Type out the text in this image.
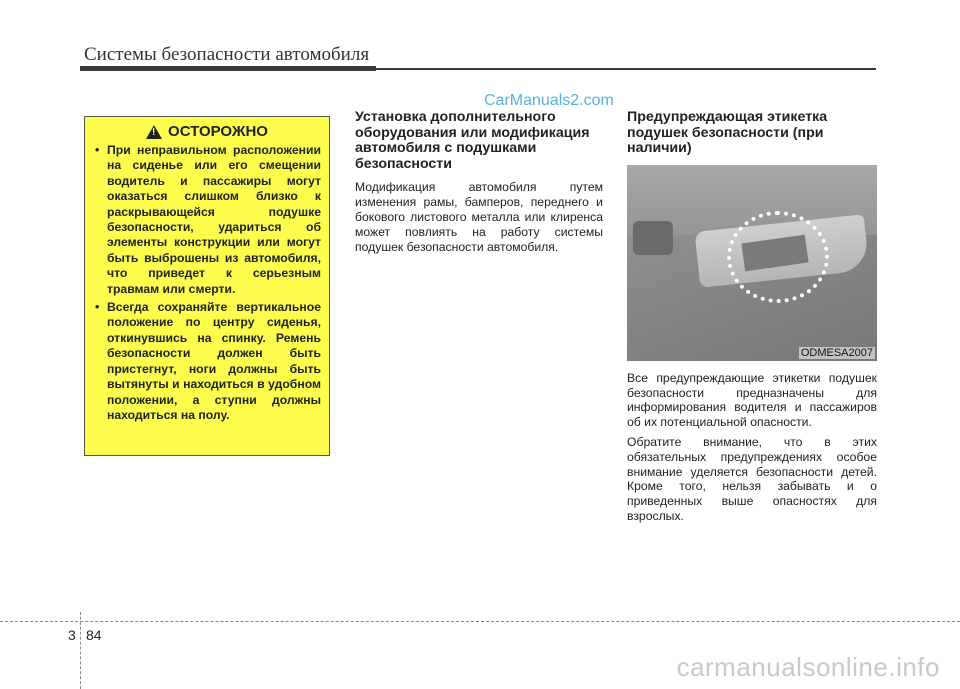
Системы безопасности автомобиля
CarManuals2.com
!
ОСТОРОЖНО
• При неправильном расположении на сиденье или его смещении водитель и пассажиры могут оказаться слишком близко к раскрывающейся подушке безопасности, удариться об элементы конструкции или могут быть выброшены из автомобиля, что приведет к серьезным травмам или смерти.
• Всегда сохраняйте вертикальное положение по центру сиденья, откинувшись на спинку. Ремень безопасности должен быть пристегнут, ноги должны быть вытянуты и находиться в удобном положении, а ступни должны находиться на полу.
Установка дополнительного оборудования или модификация автомобиля с подушками безопасности

Модификация автомобиля путем изменения рамы, бамперов, переднего и бокового листового металла или клиренса может повлиять на работу системы подушек безопасности автомобиля.

Предупреждающая этикетка подушек безопасности (при наличии)
ODMESA2007

Все предупреждающие этикетки подушек безопасности предназначены для информирования водителя и пассажиров об их потенциальной опасности.

Обратите внимание, что в этих обязательных предупреждениях особое внимание уделяется безопасности детей. Кроме того, нельзя забывать и о приведенных выше опасностях для взрослых.

3 84
carmanualsonline.info
